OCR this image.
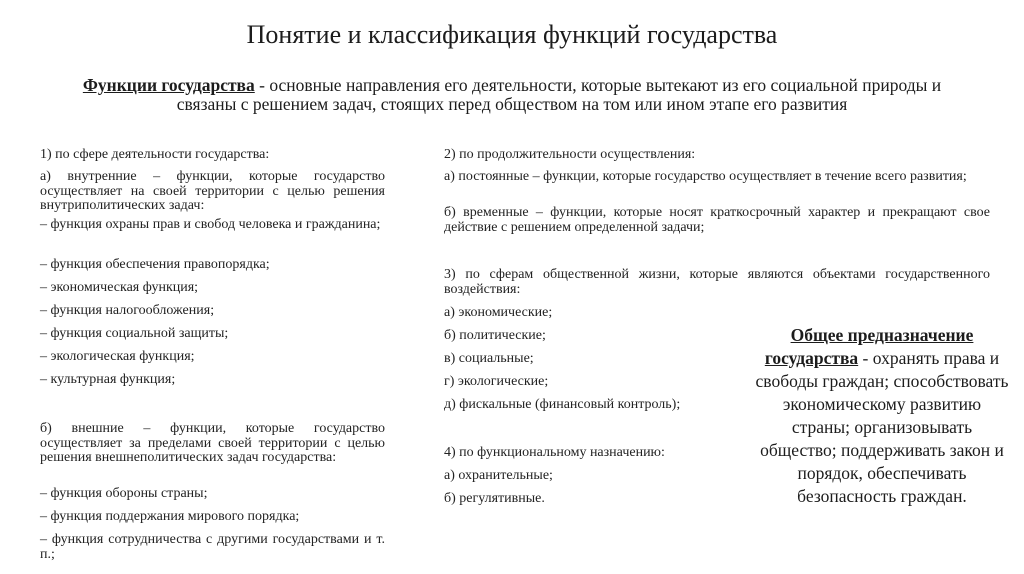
Понятие и классификация функций государства
Функции государства - основные направления его деятельности, которые вытекают из его социальной природы и связаны с решением задач, стоящих перед обществом на том или ином этапе его развития
1) по сфере деятельности государства:
а) внутренние – функции, которые государство осуществляет на своей территории с целью решения внутриполитических задач:
– функция охраны прав и свобод человека и гражданина;
– функция обеспечения правопорядка;
– экономическая функция;
– функция налогообложения;
– функция социальной защиты;
– экологическая функция;
– культурная функция;
б) внешние – функции, которые государство осуществляет за пределами своей территории с целью решения внешнеполитических задач государства:
– функция обороны страны;
– функция поддержания мирового порядка;
– функция сотрудничества с другими государствами и т. п.;
2) по продолжительности осуществления:
а) постоянные – функции, которые государство осуществляет в течение всего развития;
б) временные – функции, которые носят краткосрочный характер и прекращают свое действие с решением определенной задачи;
3) по сферам общественной жизни, которые являются объектами государственного воздействия:
а) экономические;
б) политические;
в) социальные;
г) экологические;
д) фискальные (финансовый контроль);
4) по функциональному назначению:
а) охранительные;
б) регулятивные.
Общее предназначение государства - охранять права и свободы граждан; способствовать экономическому развитию страны; организовывать общество; поддерживать закон и порядок, обеспечивать безопасность граждан.
